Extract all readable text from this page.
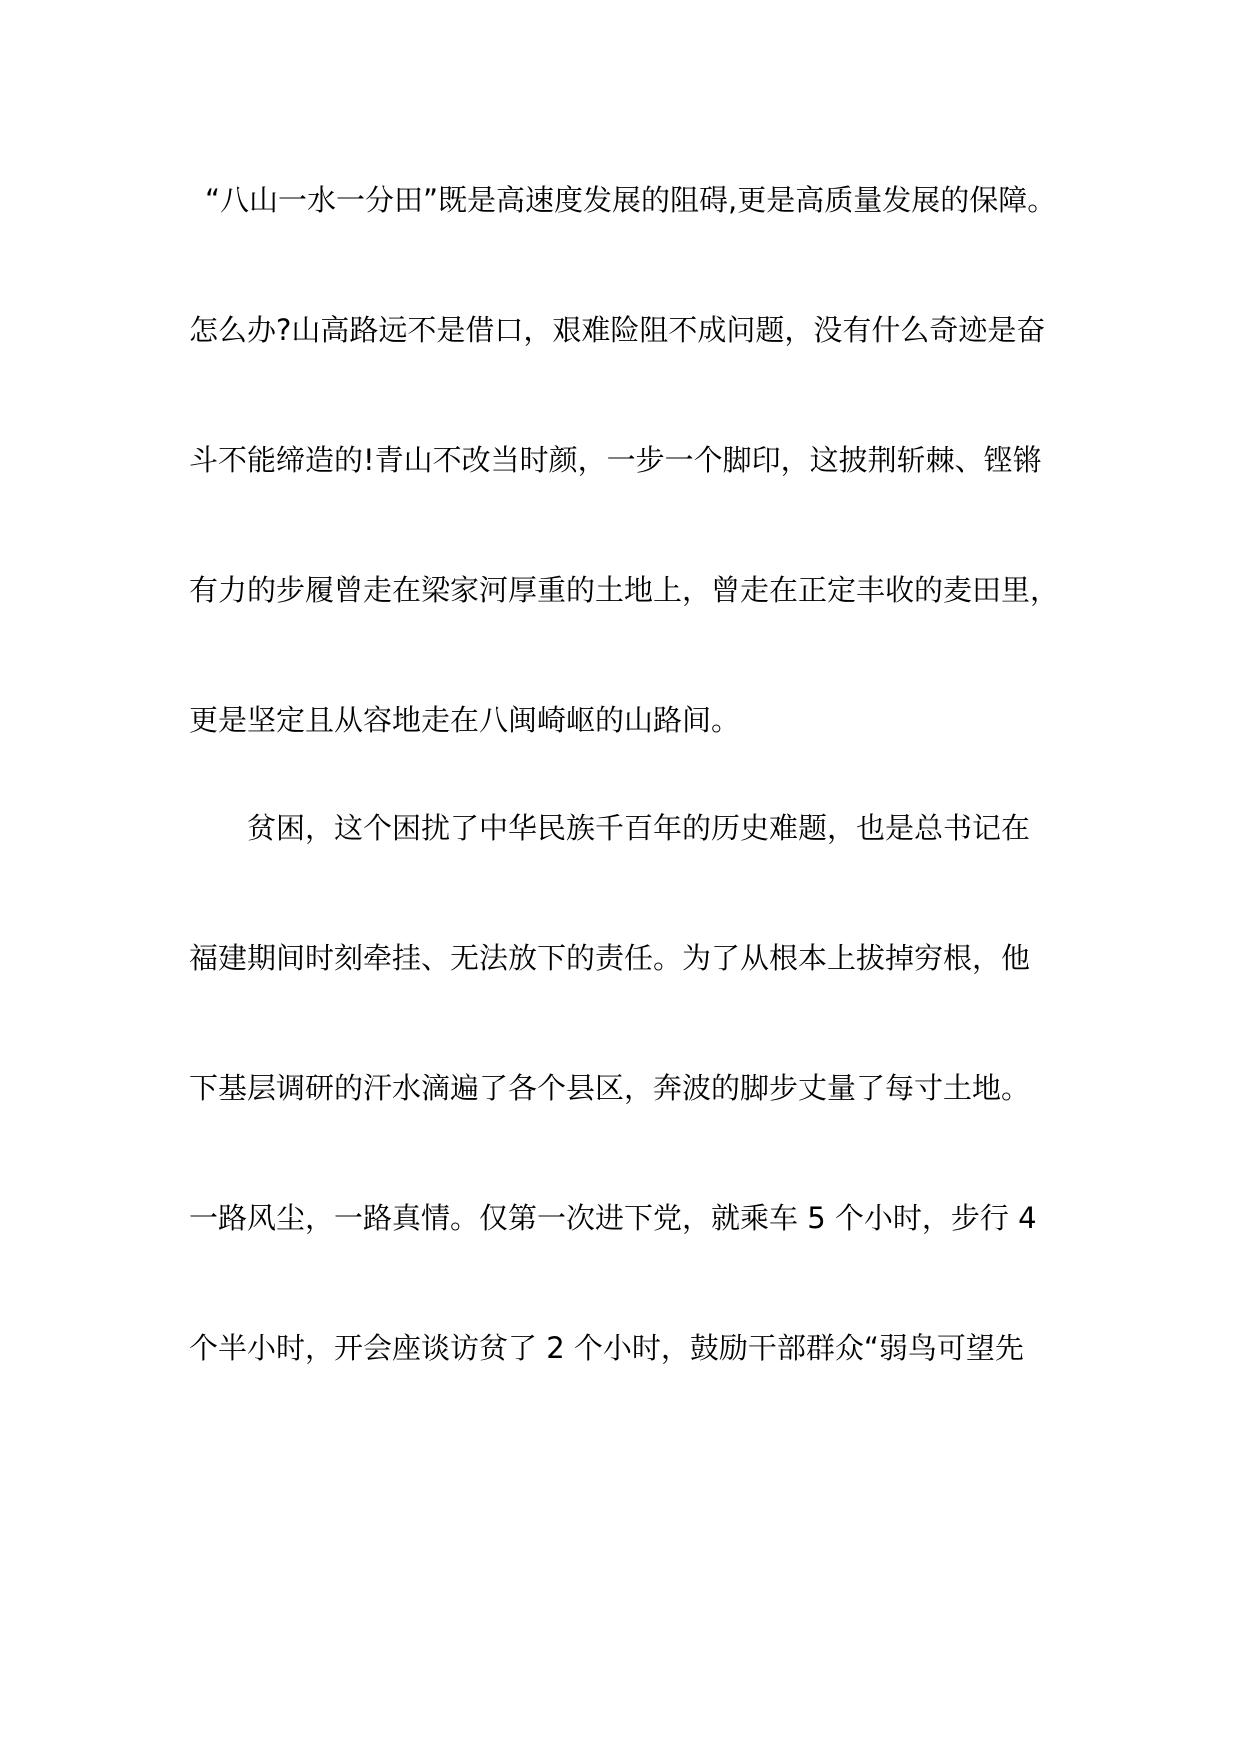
“八山一水一分田”既是高速度发展的阻碍,更是高质量发展的保障。
怎么办?山高路远不是借口，艰难险阻不成问题，没有什么奇迹是奋
斗不能缔造的!青山不改当时颜，一步一个脚印，这披荆斩棘、铿锵
有力的步履曾走在梁家河厚重的土地上，曾走在正定丰收的麦田里，
更是坚定且从容地走在八闽崎岖的山路间。
贫困，这个困扰了中华民族千百年的历史难题，也是总书记在
福建期间时刻牵挂、无法放下的责任。为了从根本上拔掉穷根，他
下基层调研的汗水滴遍了各个县区，奔波的脚步丈量了每寸土地。
一路风尘，一路真情。仅第一次进下党，就乘车 5 个小时，步行 4
个半小时，开会座谈访贫了 2 个小时，鼓励干部群众“弱鸟可望先
